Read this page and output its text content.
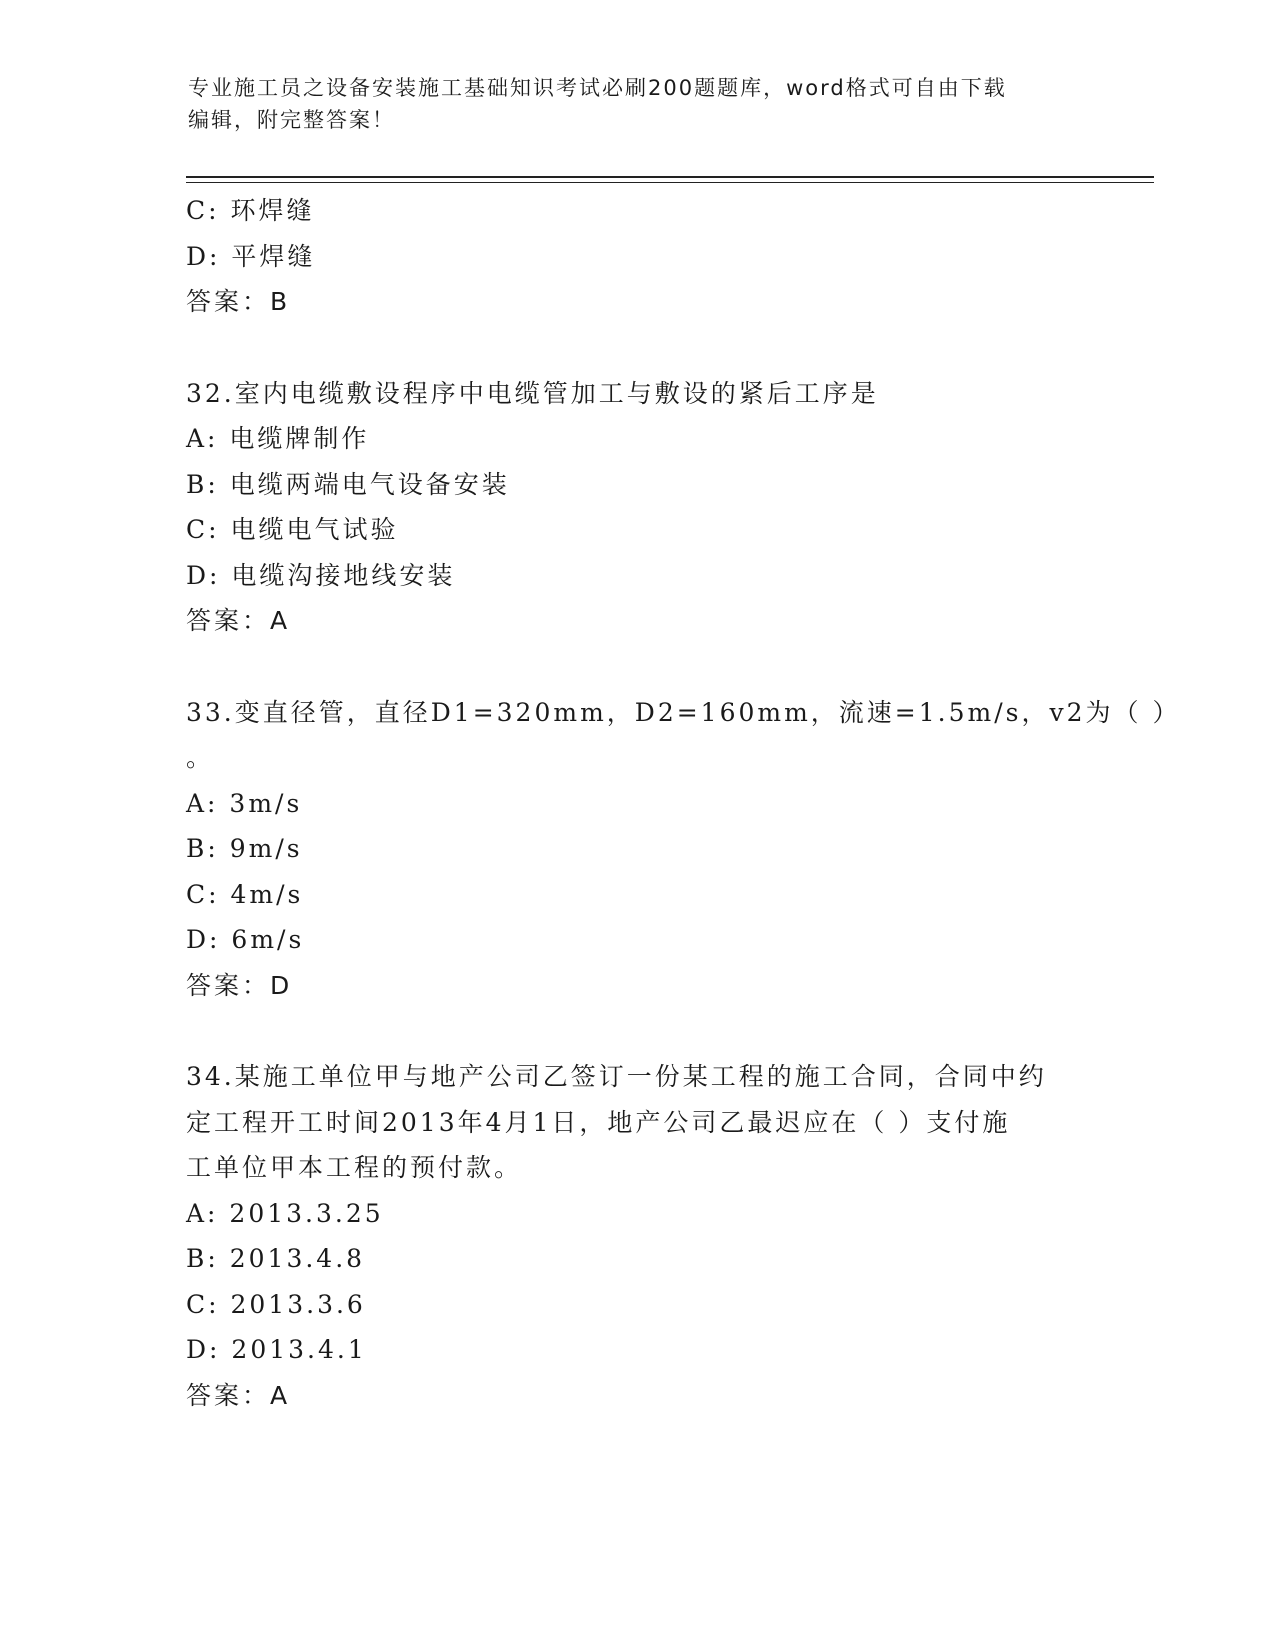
专业施工员之设备安装施工基础知识考试必刷200题题库，word格式可自由下载
编辑，附完整答案！
C: 环焊缝
D: 平焊缝
答案：B
32.室内电缆敷设程序中电缆管加工与敷设的紧后工序是
A: 电缆牌制作
B: 电缆两端电气设备安装
C: 电缆电气试验
D: 电缆沟接地线安装
答案：A
33.变直径管，直径D1=320mm，D2=160mm，流速=1.5m/s，v2为（ ）
。
A: 3m/s
B: 9m/s
C: 4m/s
D: 6m/s
答案：D
34.某施工单位甲与地产公司乙签订一份某工程的施工合同，合同中约
定工程开工时间2013年4月1日，地产公司乙最迟应在（ ）支付施
工单位甲本工程的预付款。
A: 2013.3.25
B: 2013.4.8
C: 2013.3.6
D: 2013.4.1
答案：A
